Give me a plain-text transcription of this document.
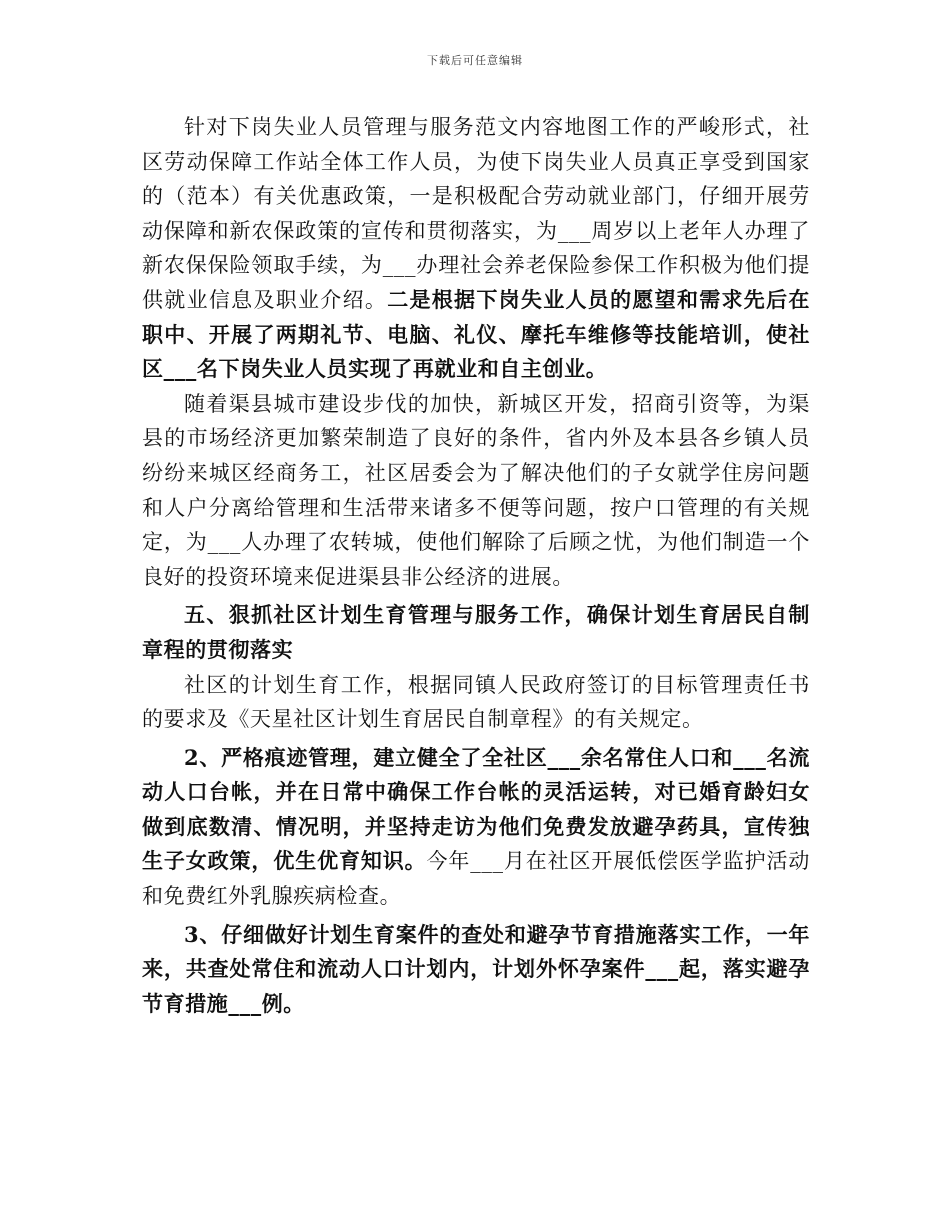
下载后可任意编辑

针对下岗失业人员管理与服务范文内容地图工作的严峻形式，社区劳动保障工作站全体工作人员，为使下岗失业人员真正享受到国家的（范本）有关优惠政策，一是积极配合劳动就业部门，仔细开展劳动保障和新农保政策的宣传和贯彻落实，为___周岁以上老年人办理了新农保保险领取手续，为___办理社会养老保险参保工作积极为他们提供就业信息及职业介绍。二是根据下岗失业人员的愿望和需求先后在职中、开展了两期礼节、电脑、礼仪、摩托车维修等技能培训，使社区___名下岗失业人员实现了再就业和自主创业。

随着渠县城市建设步伐的加快，新城区开发，招商引资等，为渠县的市场经济更加繁荣制造了良好的条件，省内外及本县各乡镇人员纷纷来城区经商务工，社区居委会为了解决他们的子女就学住房问题和人户分离给管理和生活带来诸多不便等问题，按户口管理的有关规定，为___人办理了农转城，使他们解除了后顾之忧，为他们制造一个良好的投资环境来促进渠县非公经济的进展。

五、狠抓社区计划生育管理与服务工作，确保计划生育居民自制章程的贯彻落实

社区的计划生育工作，根据同镇人民政府签订的目标管理责任书的要求及《天星社区计划生育居民自制章程》的有关规定。

2、严格痕迹管理，建立健全了全社区___余名常住人口和___名流动人口台帐，并在日常中确保工作台帐的灵活运转，对已婚育龄妇女做到底数清、情况明，并坚持走访为他们免费发放避孕药具，宣传独生子女政策，优生优育知识。今年___月在社区开展低偿医学监护活动和免费红外乳腺疾病检查。

3、仔细做好计划生育案件的查处和避孕节育措施落实工作，一年来，共查处常住和流动人口计划内，计划外怀孕案件___起，落实避孕节育措施___例。
